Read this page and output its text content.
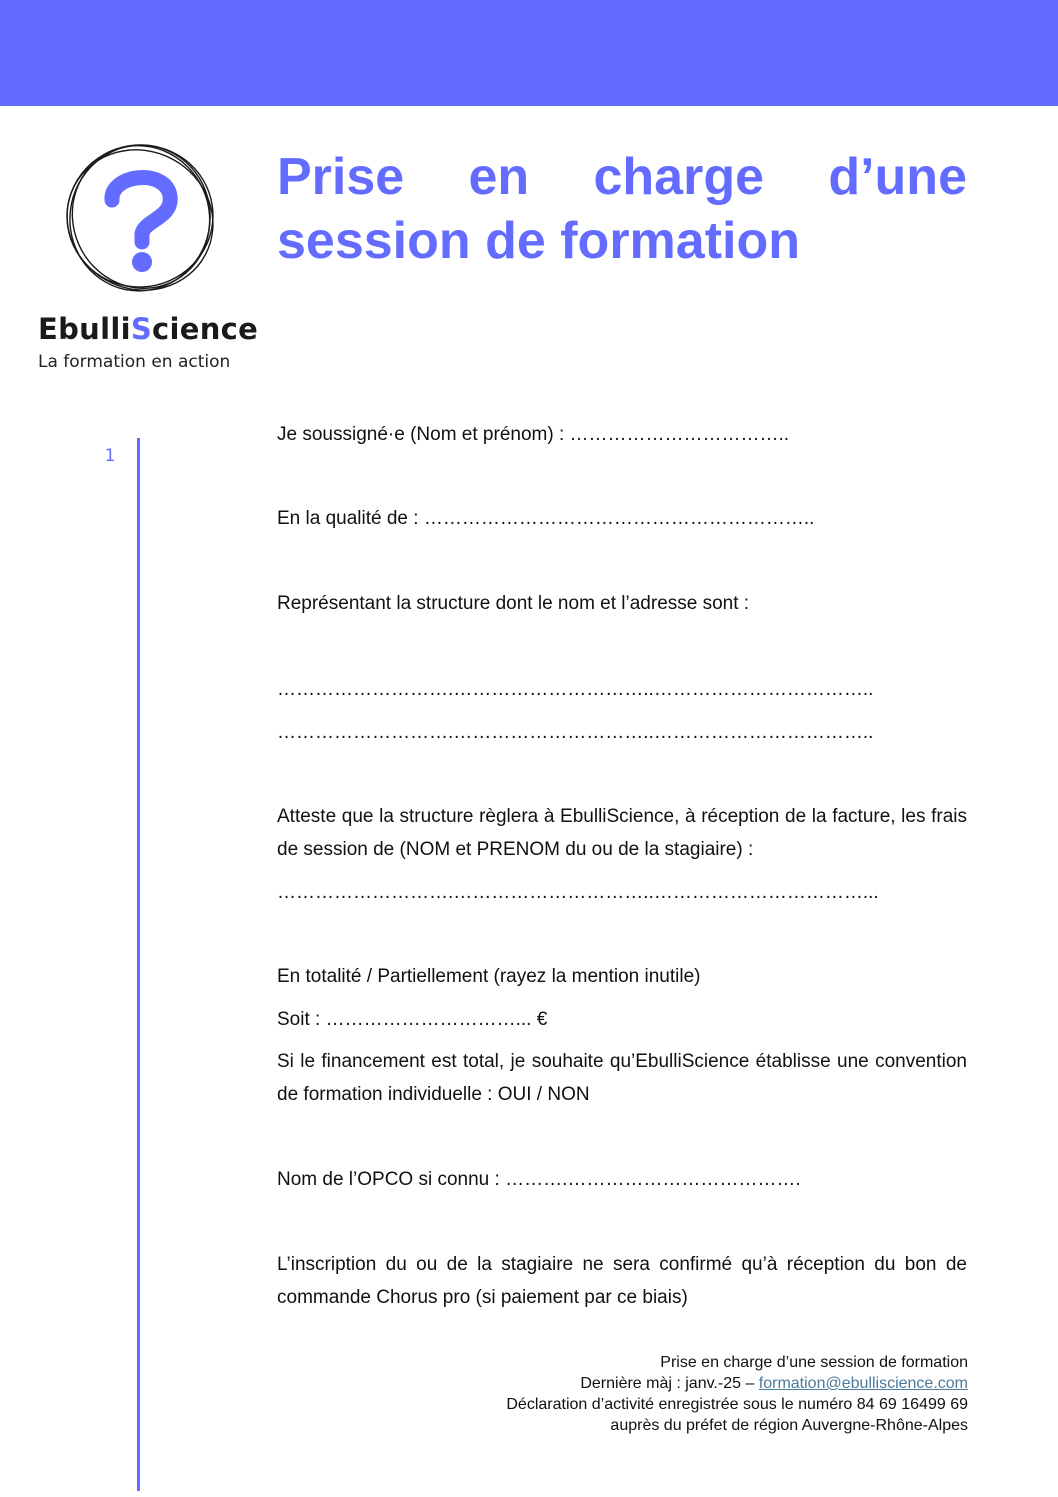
EbulliScience
La formation en action
Prise en charge d’une
session de formation
1
Je soussigné·e (Nom et prénom) : ……………………………..
En la qualité de : ……………………………………………………..
Représentant la structure dont le nom et l’adresse sont :
……………………….…………………………..……………………………..
……………………….…………………………..……………………………..
Atteste que la structure règlera à EbulliScience, à réception de la facture, les frais de session de (NOM et PRENOM du ou de la stagiaire) :
……………………….…………………………..……………………………...
En totalité / Partiellement (rayez la mention inutile)
Soit : …………………………... €
Si le financement est total, je souhaite qu’EbulliScience établisse une convention de formation individuelle : OUI / NON
Nom de l’OPCO si connu : ……….……………………………….
L’inscription du ou de la stagiaire ne sera confirmé qu’à réception du bon de commande Chorus pro (si paiement par ce biais)
Prise en charge d’une session de formation
Dernière màj : janv.-25 – formation@ebulliscience.com
Déclaration d’activité enregistrée sous le numéro 84 69 16499 69
auprès du préfet de région Auvergne-Rhône-Alpes
